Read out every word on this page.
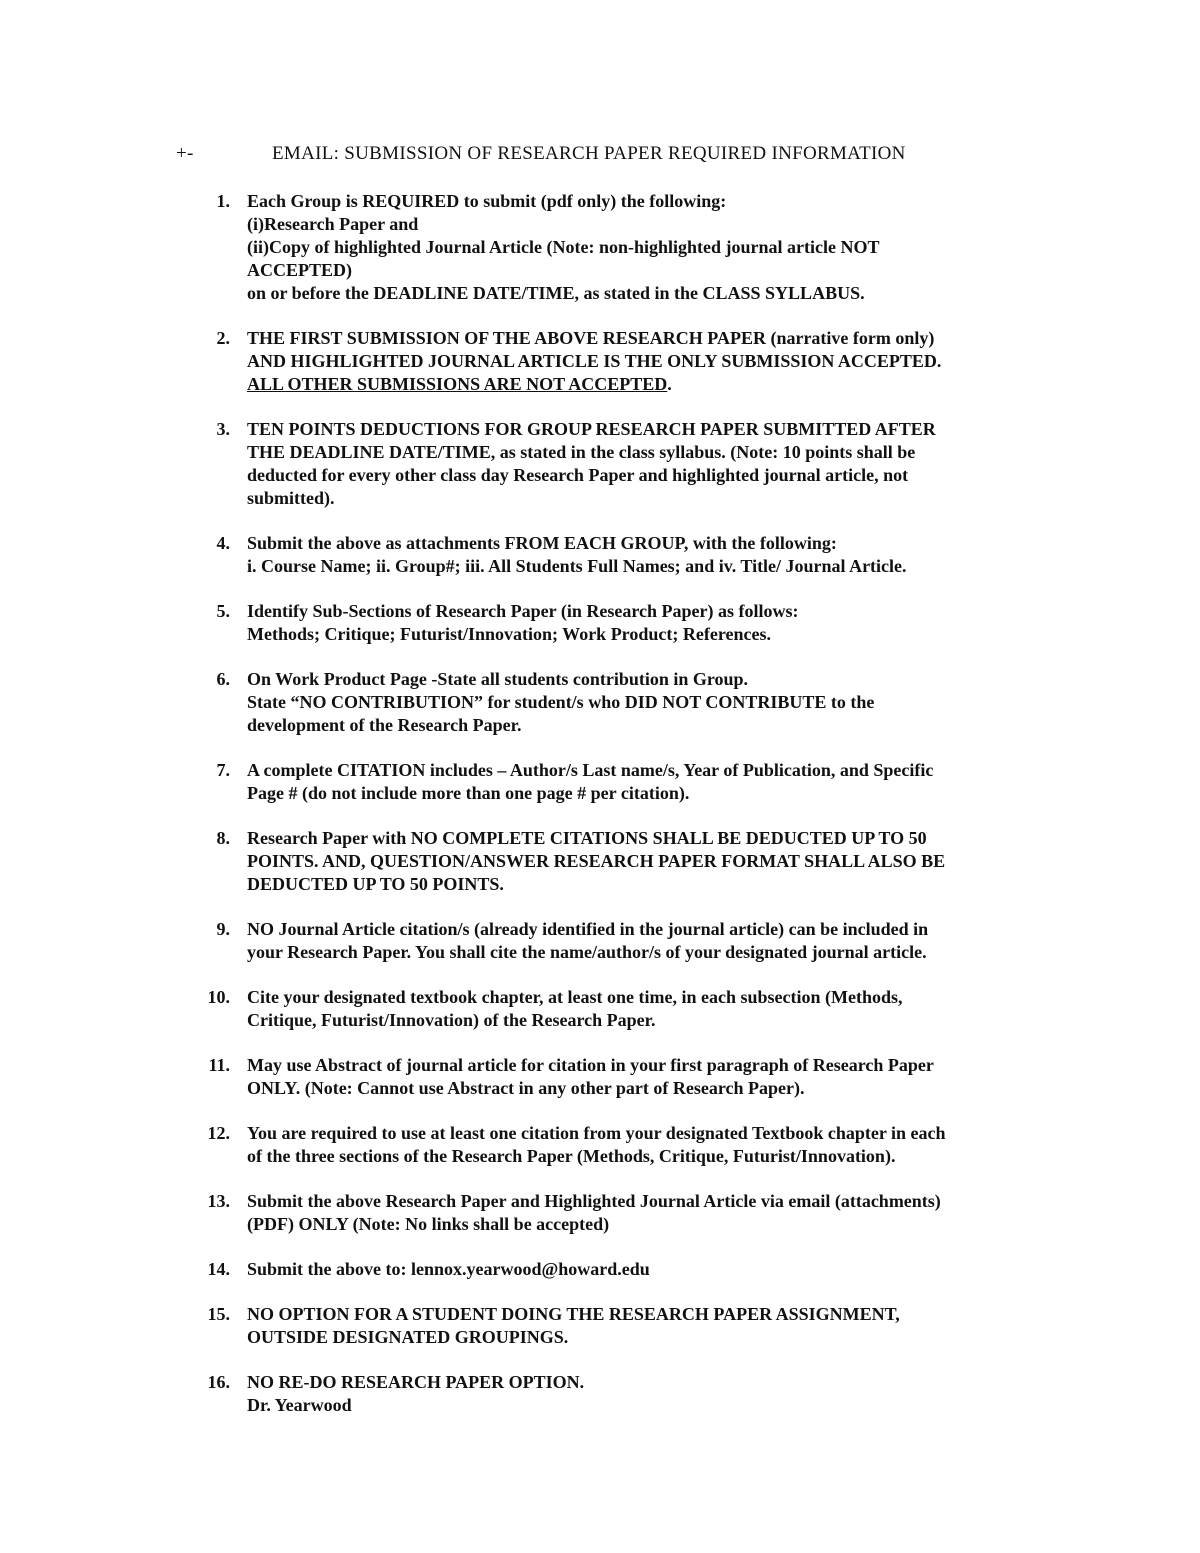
+-	EMAIL: SUBMISSION OF RESEARCH PAPER REQUIRED INFORMATION
1. Each Group is REQUIRED to submit (pdf only) the following:
(i)Research Paper and
(ii)Copy of highlighted Journal Article (Note: non-highlighted journal article NOT
ACCEPTED)
on or before the DEADLINE DATE/TIME, as stated in the CLASS SYLLABUS.
2. THE FIRST SUBMISSION OF THE ABOVE RESEARCH PAPER (narrative form only)
AND HIGHLIGHTED JOURNAL ARTICLE IS THE ONLY SUBMISSION ACCEPTED.
ALL OTHER SUBMISSIONS ARE NOT ACCEPTED.
3. TEN POINTS DEDUCTIONS FOR GROUP RESEARCH PAPER SUBMITTED AFTER
THE DEADLINE DATE/TIME, as stated in the class syllabus. (Note: 10 points shall be
deducted for every other class day Research Paper and highlighted journal article, not
submitted).
4. Submit the above as attachments FROM EACH GROUP, with the following:
i. Course Name; ii. Group#; iii. All Students Full Names; and iv. Title/ Journal Article.
5. Identify Sub-Sections of Research Paper (in Research Paper) as follows:
Methods; Critique; Futurist/Innovation; Work Product; References.
6. On Work Product Page -State all students contribution in Group.
State “NO CONTRIBUTION” for student/s who DID NOT CONTRIBUTE to the
development of the Research Paper.
7. A complete CITATION includes – Author/s Last name/s, Year of Publication, and Specific
Page # (do not include more than one page # per citation).
8. Research Paper with NO COMPLETE CITATIONS SHALL BE DEDUCTED UP TO 50
POINTS. AND, QUESTION/ANSWER RESEARCH PAPER FORMAT SHALL ALSO BE
DEDUCTED UP TO 50 POINTS.
9. NO Journal Article citation/s (already identified in the journal article) can be included in
your Research Paper. You shall cite the name/author/s of your designated journal article.
10. Cite your designated textbook chapter, at least one time, in each subsection (Methods,
Critique, Futurist/Innovation) of the Research Paper.
11. May use Abstract of journal article for citation in your first paragraph of Research Paper
ONLY. (Note: Cannot use Abstract in any other part of Research Paper).
12. You are required to use at least one citation from your designated Textbook chapter in each
of the three sections of the Research Paper (Methods, Critique, Futurist/Innovation).
13. Submit the above Research Paper and Highlighted Journal Article via email (attachments)
(PDF) ONLY (Note: No links shall be accepted)
14. Submit the above to: lennox.yearwood@howard.edu
15. NO OPTION FOR A STUDENT DOING THE RESEARCH PAPER ASSIGNMENT,
OUTSIDE DESIGNATED GROUPINGS.
16. NO RE-DO RESEARCH PAPER OPTION.
Dr. Yearwood
